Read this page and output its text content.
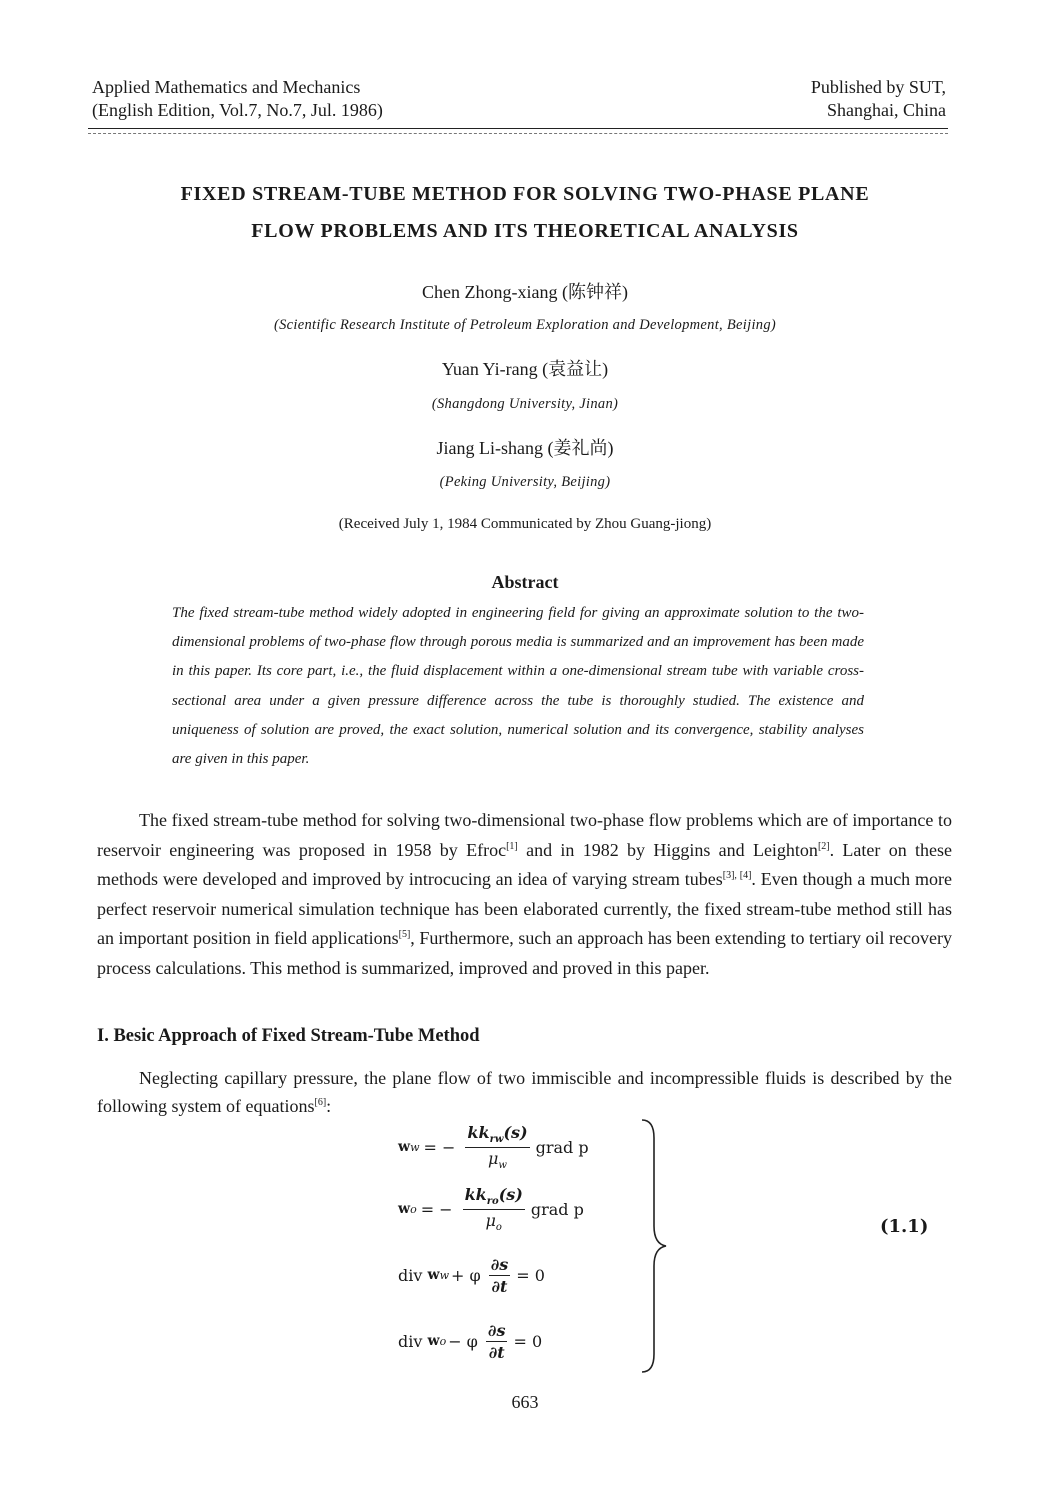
Applied Mathematics and Mechanics
(English Edition, Vol.7, No.7, Jul. 1986)
Published by SUT,
Shanghai, China
FIXED STREAM-TUBE METHOD FOR SOLVING TWO-PHASE PLANE
FLOW PROBLEMS AND ITS THEORETICAL ANALYSIS
Chen Zhong-xiang (陈钟祥)
(Scientific Research Institute of Petroleum Exploration and Development, Beijing)
Yuan Yi-rang (袁益让)
(Shangdong University, Jinan)
Jiang Li-shang (姜礼尚)
(Peking University, Beijing)
(Received July 1, 1984 Communicated by Zhou Guang-jiong)
Abstract
The fixed stream-tube method widely adopted in engineering field for giving an approximate solution to the two-dimensional problems of two-phase flow through porous media is summarized and an improvement has been made in this paper. Its core part, i.e., the fluid displacement within a one-dimensional stream tube with variable cross-sectional area under a given pressure difference across the tube is thoroughly studied. The existence and uniqueness of solution are proved, the exact solution, numerical solution and its convergence, stability analyses are given in this paper.

The fixed stream-tube method for solving two-dimensional two-phase flow problems which are of importance to reservoir engineering was proposed in 1958 by Efroc[1] and in 1982 by Higgins and Leighton[2]. Later on these methods were developed and improved by introcucing an idea of varying stream tubes[3], [4]. Even though a much more perfect reservoir numerical simulation technique has been elaborated currently, the fixed stream-tube method still has an important position in field applications[5], Furthermore, such an approach has been extending to tertiary oil recovery process calculations. This method is summarized, improved and proved in this paper.

I. Besic Approach of Fixed Stream-Tube Method

Neglecting capillary pressure, the plane flow of two immiscible and incompressible fluids is described by the following system of equations[6]:

w w = − $\frac{kk_{rw}(s)}{\mu_w}$ grad p
w o = − $\frac{kk_{ro}(s)}{\mu_o}$ grad p
div
w w + φ $\frac{\partial s}{\partial t} = 0$
div
w o − φ $\frac{\partial s}{\partial t} = 0$
(1.1)
663
